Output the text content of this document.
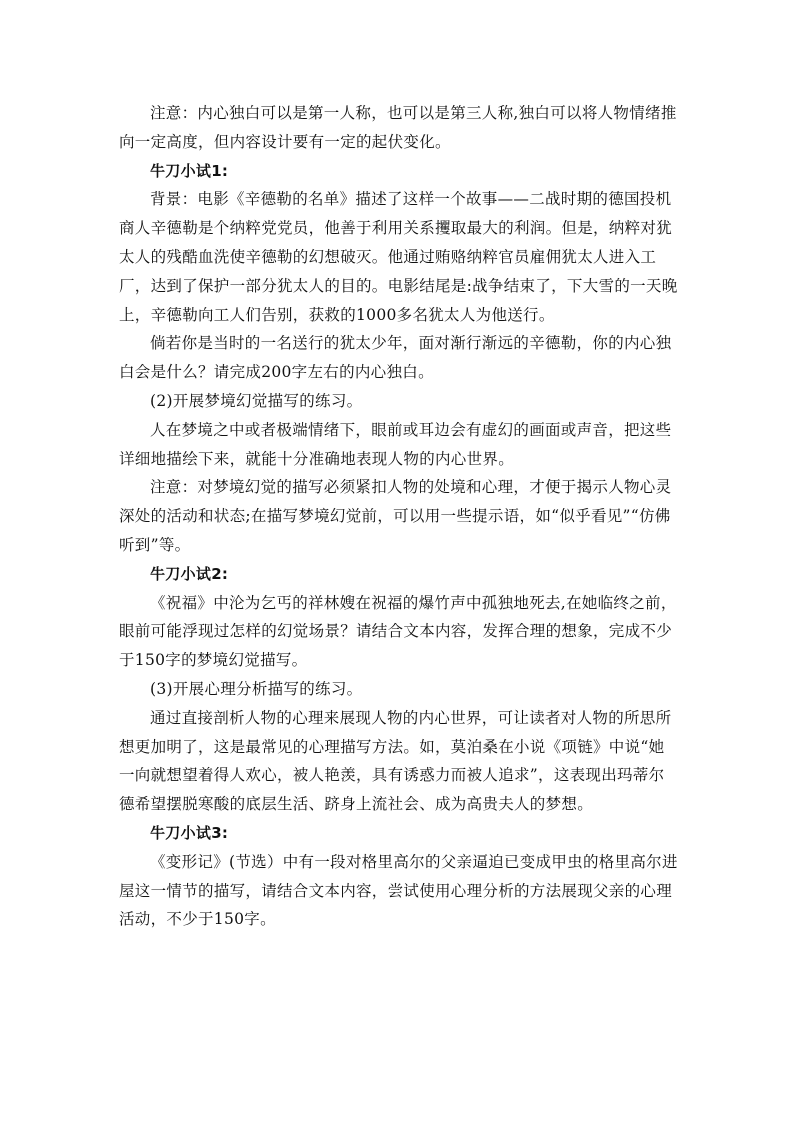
注意：内心独白可以是第一人称，也可以是第三人称,独白可以将人物情绪推向一定高度，但内容设计要有一定的起伏变化。

牛刀小试1:

背景：电影《辛德勒的名单》描述了这样一个故事——二战时期的德国投机商人辛德勒是个纳粹党党员，他善于利用关系攫取最大的利润。但是，纳粹对犹太人的残酷血洗使辛德勒的幻想破灭。他通过贿赂纳粹官员雇佣犹太人进入工厂，达到了保护一部分犹太人的目的。电影结尾是:战争结束了，下大雪的一天晚上，辛德勒向工人们告别，获救的1000多名犹太人为他送行。

倘若你是当时的一名送行的犹太少年，面对渐行渐远的辛德勒，你的内心独白会是什么？请完成200字左右的内心独白。

(2)开展梦境幻觉描写的练习。

人在梦境之中或者极端情绪下，眼前或耳边会有虚幻的画面或声音，把这些详细地描绘下来，就能十分准确地表现人物的内心世界。

注意：对梦境幻觉的描写必须紧扣人物的处境和心理，才便于揭示人物心灵深处的活动和状态;在描写梦境幻觉前，可以用一些提示语，如“似乎看见”“仿佛听到”等。

牛刀小试2:

《祝福》中沦为乞丐的祥林嫂在祝福的爆竹声中孤独地死去,在她临终之前，眼前可能浮现过怎样的幻觉场景？请结合文本内容，发挥合理的想象，完成不少于150字的梦境幻觉描写。

(3)开展心理分析描写的练习。

通过直接剖析人物的心理来展现人物的内心世界，可让读者对人物的所思所想更加明了，这是最常见的心理描写方法。如，莫泊桑在小说《项链》中说“她一向就想望着得人欢心，被人艳羡，具有诱惑力而被人追求”，这表现出玛蒂尔德希望摆脱寒酸的底层生活、跻身上流社会、成为高贵夫人的梦想。

牛刀小试3:

《变形记》(节选）中有一段对格里高尔的父亲逼迫已变成甲虫的格里高尔进屋这一情节的描写，请结合文本内容，尝试使用心理分析的方法展现父亲的心理活动，不少于150字。
